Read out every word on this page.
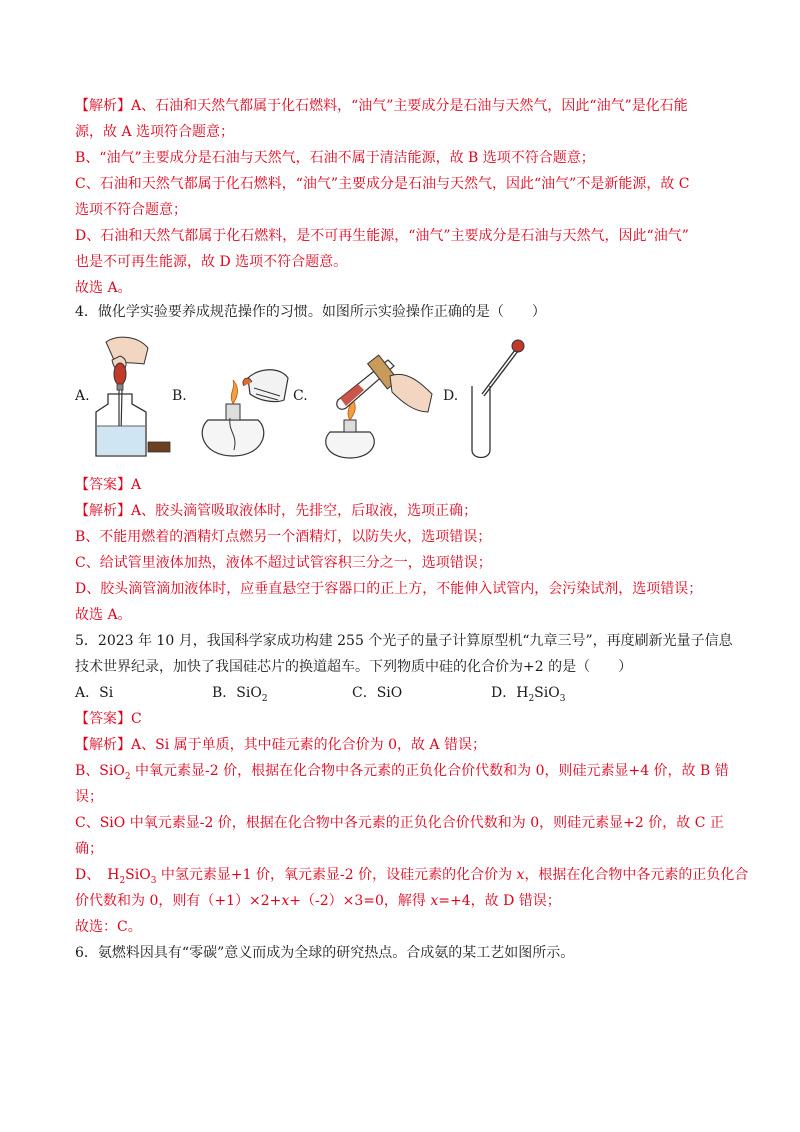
【解析】A、石油和天然气都属于化石燃料，“油气”主要成分是石油与天然气，因此“油气”是化石能
源，故 A 选项符合题意；
B、“油气”主要成分是石油与天然气，石油不属于清洁能源，故 B 选项不符合题意；
C、石油和天然气都属于化石燃料，“油气”主要成分是石油与天然气，因此“油气”不是新能源，故 C
选项不符合题意；
D、石油和天然气都属于化石燃料，是不可再生能源，“油气”主要成分是石油与天然气，因此“油气”
也是不可再生能源，故 D 选项不符合题意。
故选 A。
4．做化学实验要养成规范操作的习惯。如图所示实验操作正确的是（　　）
A.	B.	C.	D.
【答案】A
【解析】A、胶头滴管吸取液体时，先排空，后取液，选项正确；
B、不能用燃着的酒精灯点燃另一个酒精灯，以防失火，选项错误；
C、给试管里液体加热，液体不超过试管容积三分之一，选项错误；
D、胶头滴管滴加液体时，应垂直悬空于容器口的正上方，不能伸入试管内，会污染试剂，选项错误；
故选 A。
5．2023 年 10 月，我国科学家成功构建 255 个光子的量子计算原型机“九章三号”，再度刷新光量子信息
技术世界纪录，加快了我国硅芯片的换道超车。下列物质中硅的化合价为+2 的是（　　）
A．Si	B．SiO$_2$	C．SiO	D．$H_2SiO_3$
【答案】C
【解析】A、Si 属于单质，其中硅元素的化合价为 0，故 A 错误；
B、SiO$_2$ 中氧元素显-2 价，根据在化合物中各元素的正负化合价代数和为 0，则硅元素显+4 价，故 B 错
误；
C、SiO 中氧元素显-2 价，根据在化合物中各元素的正负化合价代数和为 0，则硅元素显+2 价，故 C 正
确；
D、　$H_2SiO_3$ 中氢元素显+1 价，氧元素显-2 价，设硅元素的化合价为 x，根据在化合物中各元素的正负化合
价代数和为 0，则有（+1）×2+x+（-2）×3=0，解得 x=+4，故 D 错误；
故选：C。
6．氨燃料因具有“零碳”意义而成为全球的研究热点。合成氨的某工艺如图所示。
